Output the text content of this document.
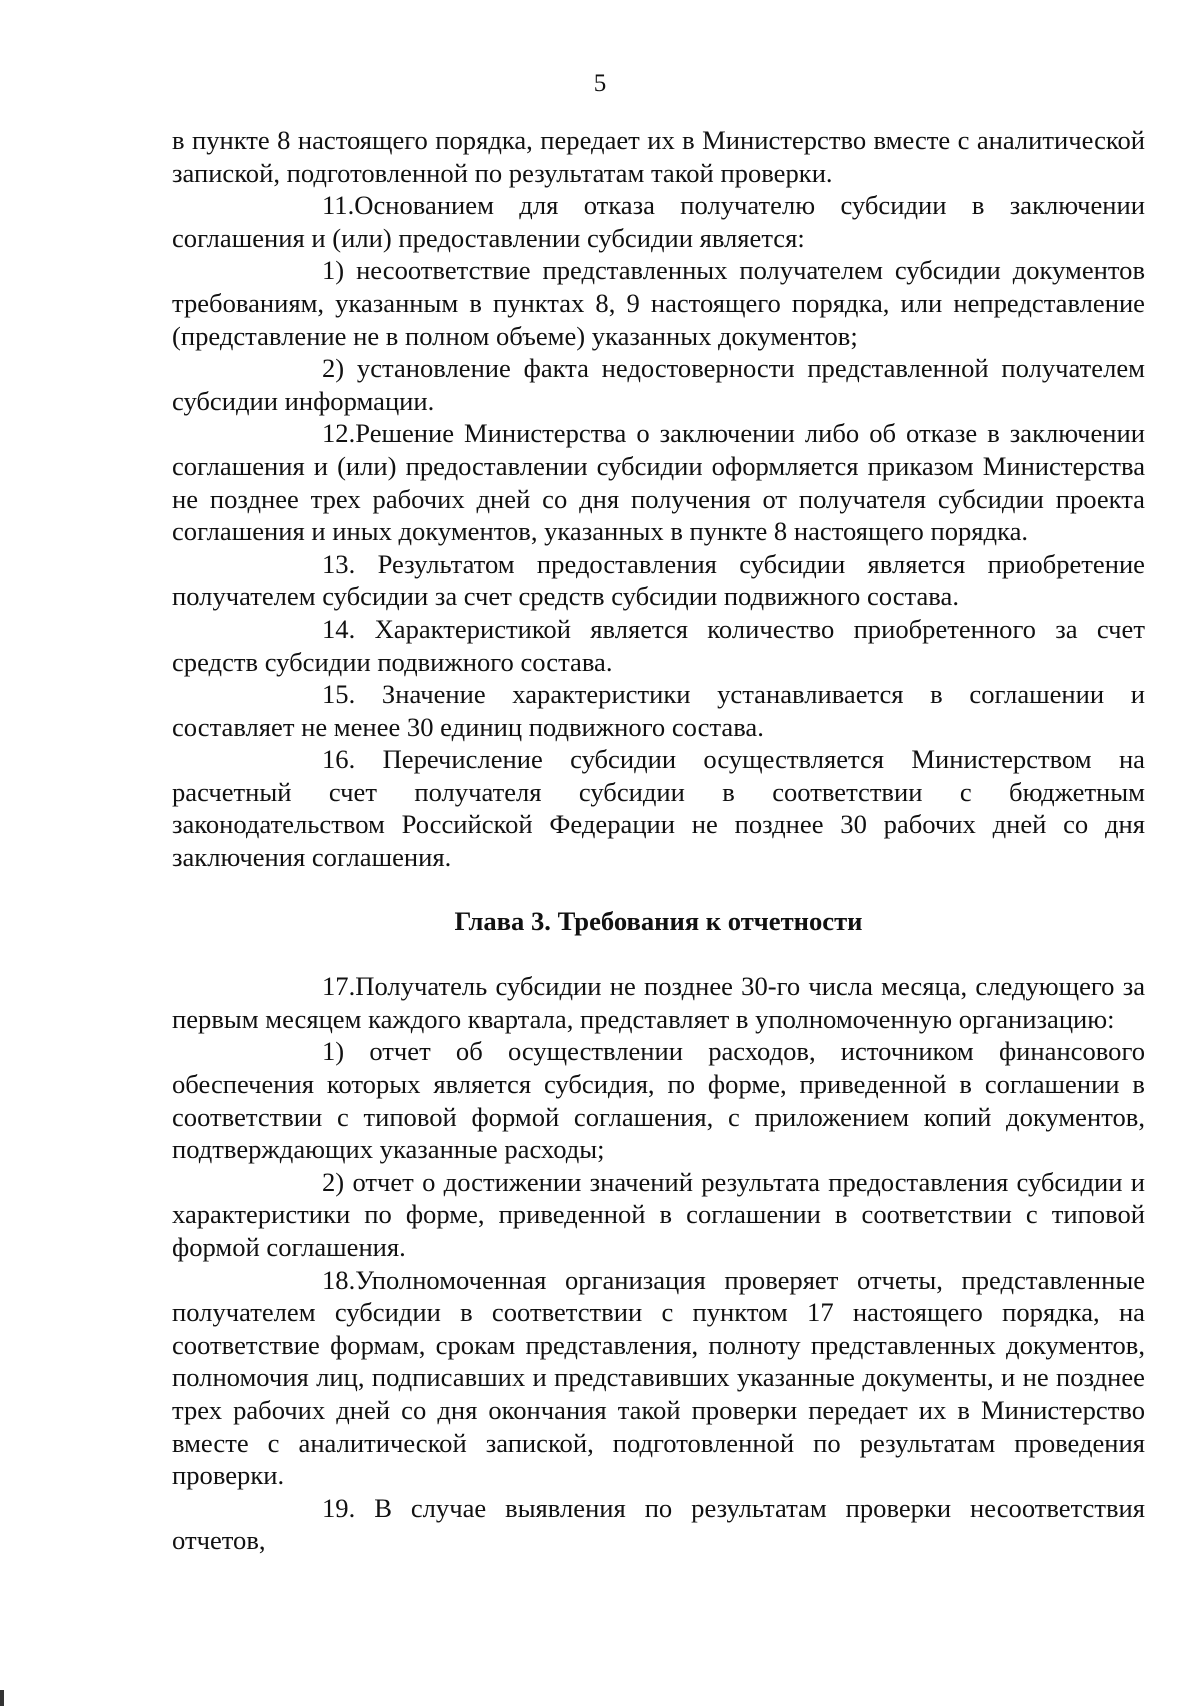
5

в пункте 8 настоящего порядка, передает их в Министерство вместе с аналитической запиской, подготовленной по результатам такой проверки.

11.Основанием для отказа получателю субсидии в заключении соглашения и (или) предоставлении субсидии является:

1) несоответствие представленных получателем субсидии документов требованиям, указанным в пунктах 8, 9 настоящего порядка, или непредставление (представление не в полном объеме) указанных документов;

2) установление факта недостоверности представленной получателем субсидии информации.

12.Решение Министерства о заключении либо об отказе в заключении соглашения и (или) предоставлении субсидии оформляется приказом Министерства не позднее трех рабочих дней со дня получения от получателя субсидии проекта соглашения и иных документов, указанных в пункте 8 настоящего порядка.

13. Результатом предоставления субсидии является приобретение получателем субсидии за счет средств субсидии подвижного состава.

14. Характеристикой является количество приобретенного за счет средств субсидии подвижного состава.

15. Значение характеристики устанавливается в соглашении и составляет не менее 30 единиц подвижного состава.

16. Перечисление субсидии осуществляется Министерством на расчетный счет получателя субсидии в соответствии с бюджетным законодательством Российской Федерации не позднее 30 рабочих дней со дня заключения соглашения.

Глава 3. Требования к отчетности

17.Получатель субсидии не позднее 30-го числа месяца, следующего за первым месяцем каждого квартала, представляет в уполномоченную организацию:

1) отчет об осуществлении расходов, источником финансового обеспечения которых является субсидия, по форме, приведенной в соглашении в соответствии с типовой формой соглашения, с приложением копий документов, подтверждающих указанные расходы;

2) отчет о достижении значений результата предоставления субсидии и характеристики по форме, приведенной в соглашении в соответствии с типовой формой соглашения.

18.Уполномоченная организация проверяет отчеты, представленные получателем субсидии в соответствии с пунктом 17 настоящего порядка, на соответствие формам, срокам представления, полноту представленных документов, полномочия лиц, подписавших и представивших указанные документы, и не позднее трех рабочих дней со дня окончания такой проверки передает их в Министерство вместе с аналитической запиской, подготовленной по результатам проведения проверки.

19. В случае выявления по результатам проверки несоответствия отчетов,
